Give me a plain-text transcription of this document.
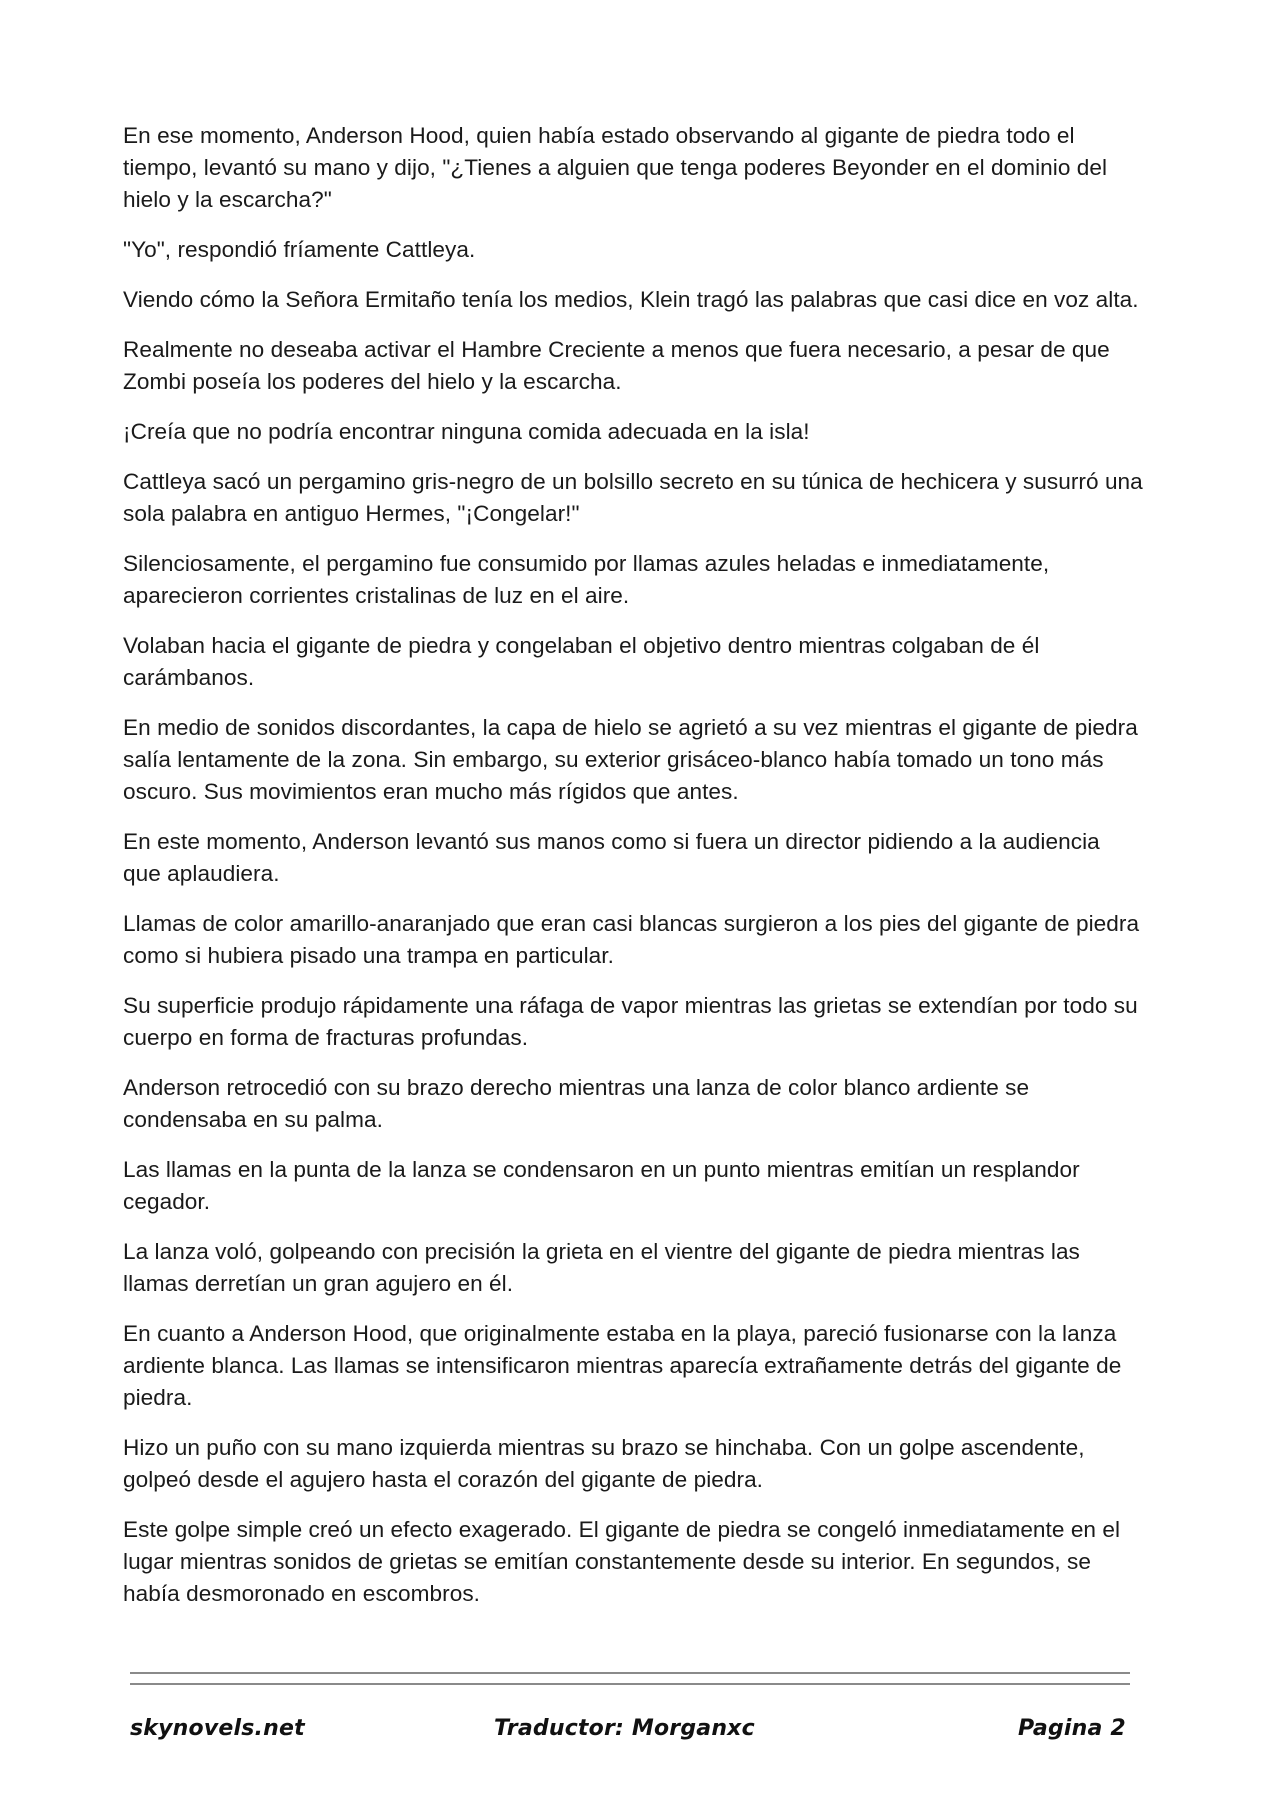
En ese momento, Anderson Hood, quien había estado observando al gigante de piedra todo el tiempo, levantó su mano y dijo, "¿Tienes a alguien que tenga poderes Beyonder en el dominio del hielo y la escarcha?"

"Yo", respondió fríamente Cattleya.

Viendo cómo la Señora Ermitaño tenía los medios, Klein tragó las palabras que casi dice en voz alta.

Realmente no deseaba activar el Hambre Creciente a menos que fuera necesario, a pesar de que Zombi poseía los poderes del hielo y la escarcha.

¡Creía que no podría encontrar ninguna comida adecuada en la isla!

Cattleya sacó un pergamino gris-negro de un bolsillo secreto en su túnica de hechicera y susurró una sola palabra en antiguo Hermes, "¡Congelar!"

Silenciosamente, el pergamino fue consumido por llamas azules heladas e inmediatamente, aparecieron corrientes cristalinas de luz en el aire.

Volaban hacia el gigante de piedra y congelaban el objetivo dentro mientras colgaban de él carámbanos.

En medio de sonidos discordantes, la capa de hielo se agrietó a su vez mientras el gigante de piedra salía lentamente de la zona. Sin embargo, su exterior grisáceo-blanco había tomado un tono más oscuro. Sus movimientos eran mucho más rígidos que antes.

En este momento, Anderson levantó sus manos como si fuera un director pidiendo a la audiencia que aplaudiera.

Llamas de color amarillo-anaranjado que eran casi blancas surgieron a los pies del gigante de piedra como si hubiera pisado una trampa en particular.

Su superficie produjo rápidamente una ráfaga de vapor mientras las grietas se extendían por todo su cuerpo en forma de fracturas profundas.

Anderson retrocedió con su brazo derecho mientras una lanza de color blanco ardiente se condensaba en su palma.

Las llamas en la punta de la lanza se condensaron en un punto mientras emitían un resplandor cegador.

La lanza voló, golpeando con precisión la grieta en el vientre del gigante de piedra mientras las llamas derretían un gran agujero en él.

En cuanto a Anderson Hood, que originalmente estaba en la playa, pareció fusionarse con la lanza ardiente blanca. Las llamas se intensificaron mientras aparecía extrañamente detrás del gigante de piedra.

Hizo un puño con su mano izquierda mientras su brazo se hinchaba. Con un golpe ascendente, golpeó desde el agujero hasta el corazón del gigante de piedra.

Este golpe simple creó un efecto exagerado. El gigante de piedra se congeló inmediatamente en el lugar mientras sonidos de grietas se emitían constantemente desde su interior. En segundos, se había desmoronado en escombros.

skynovels.net	Traductor: Morganxc	Pagina 2
